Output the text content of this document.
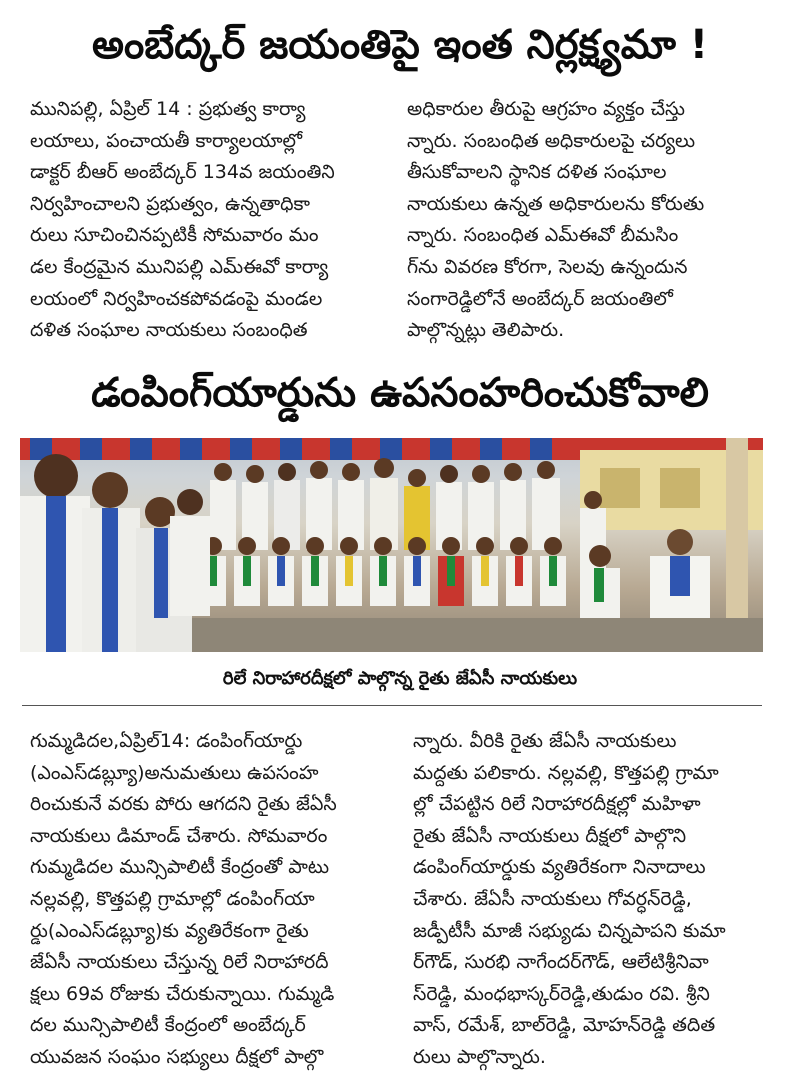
అంబేద్కర్ జయంతిపై ఇంత నిర్లక్ష్యమా !

మునిపల్లి, ఏప్రిల్ 14 : ప్రభుత్వ కార్యా

లయాలు, పంచాయతీ కార్యాలయాల్లో

డాక్టర్ బీఆర్ అంబేద్కర్ 134వ జయంతిని

నిర్వహించాలని ప్రభుత్వం, ఉన్నతాధికా

రులు సూచించినప్పటికీ సోమవారం మం

డల కేంద్రమైన మునిపల్లి ఎమ్ఈవో కార్యా

లయంలో నిర్వహించకపోవడంపై మండల

దళిత సంఘాల నాయకులు సంబంధిత

అధికారుల తీరుపై ఆగ్రహం వ్యక్తం చేస్తు

న్నారు. సంబంధిత అధికారులపై చర్యలు

తీసుకోవాలని స్థానిక దళిత సంఘాల

నాయకులు ఉన్నత అధికారులను కోరుతు

న్నారు. సంబంధిత ఎమ్ఈవో బీమసిం

గ్‌ను వివరణ కోరగా, సెలవు ఉన్నందున

సంగారెడ్డిలోనే అంబేద్కర్ జయంతిలో

పాల్గొన్నట్లు తెలిపారు.

డంపింగ్‌యార్డును ఉపసంహరించుకోవాలి
రిలే నిరాహారదీక్షలో పాల్గొన్న రైతు జేఏసీ నాయకులు

గుమ్మడిదల,ఏప్రిల్14: డంపింగ్‌యార్డు

(ఎంఎస్‌డబ్ల్యూ)అనుమతులు ఉపసంహ

రించుకునే వరకు పోరు ఆగదని రైతు జేఏసీ

నాయకులు డిమాండ్ చేశారు. సోమవారం

గుమ్మడిదల మున్సిపాలిటీ కేంద్రంతో పాటు

నల్లవల్లి, కొత్తపల్లి గ్రామాల్లో డంపింగ్‌యా

ర్డు(ఎంఎస్‌డబ్ల్యూ)కు వ్యతిరేకంగా రైతు

జేఏసీ నాయకులు చేస్తున్న రిలే నిరాహారదీ

క్షలు 69వ రోజుకు చేరుకున్నాయి. గుమ్మడి

దల మున్సిపాలిటీ కేంద్రంలో అంబేద్కర్

యువజన సంఘం సభ్యులు దీక్షలో పాల్గొ

న్నారు. వీరికి రైతు జేఏసీ నాయకులు

మద్దతు పలికారు. నల్లవల్లి, కొత్తపల్లి గ్రామా

ల్లో చేపట్టిన రిలే నిరాహారదీక్షల్లో మహిళా

రైతు జేఏసీ నాయకులు దీక్షలో పాల్గొని

డంపింగ్‌యార్డుకు వ్యతిరేకంగా నినాదాలు

చేశారు. జేఏసీ నాయకులు గోవర్ధన్‌రెడ్డి,

జడ్పీటీసీ మాజీ సభ్యుడు చిన్నపాపని కుమా

ర్‌గౌడ్, సురభి నాగేందర్‌గౌడ్, ఆలేటిశ్రీనివా

స్‌రెడ్డి, మంధభాస్కర్‌రెడ్డి,తుడుం రవి. శ్రీని

వాస్, రమేశ్, బాల్‌రెడ్డి, మోహన్‌రెడ్డి తదిత

రులు పాల్గొన్నారు.
